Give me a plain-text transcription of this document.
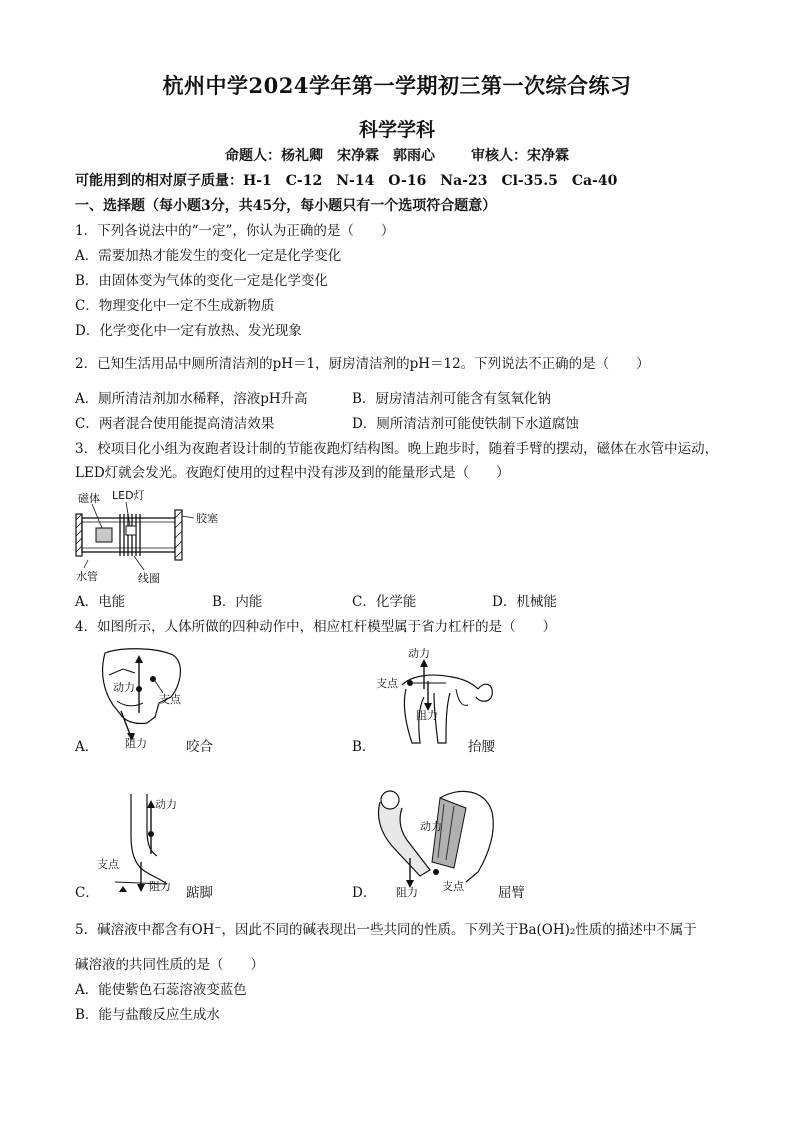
杭州中学2024学年第一学期初三第一次综合练习
科学学科
命题人：杨礼卿 宋净霖 郭雨心	审核人：宋净霖
可能用到的相对原子质量：H-1　C-12　N-14　O-16　Na-23　Cl-35.5　Ca-40
一、选择题（每小题3分，共45分，每小题只有一个选项符合题意）
1．下列各说法中的“一定”，你认为正确的是（　　）
A．需要加热才能发生的变化一定是化学变化
B．由固体变为气体的变化一定是化学变化
C．物理变化中一定不生成新物质
D．化学变化中一定有放热、发光现象
2．已知生活用品中厕所清洁剂的pH＝1，厨房清洁剂的pH＝12。下列说法不正确的是（　　）
A．厕所清洁剂加水稀释，溶液pH升高	B．厨房清洁剂可能含有氢氧化钠
C．两者混合使用能提高清洁效果	D．厕所清洁剂可能使铁制下水道腐蚀
3．校项目化小组为夜跑者设计制的节能夜跑灯结构图。晚上跑步时，随着手臂的摆动，磁体在水管中运动，
LED灯就会发光。夜跑灯使用的过程中没有涉及到的能量形式是（　　）
磁体 LED灯
胶塞
水管	线圈
A．电能	B．内能	C．化学能	D．机械能
4．如图所示，人体所做的四种动作中，相应杠杆模型属于省力杠杆的是（　　）
动力
支点
阻力
A．	咬合
动力
支点
阻力
B．	抬腰
动力
支点
阻力
C．	踮脚
动力
支点
阻力
D．	屈臂
5．碱溶液中都含有OH⁻，因此不同的碱表现出一些共同的性质。下列关于Ba(OH)₂性质的描述中不属于
碱溶液的共同性质的是（　　）
A．能使紫色石蕊溶液变蓝色
B．能与盐酸反应生成水
